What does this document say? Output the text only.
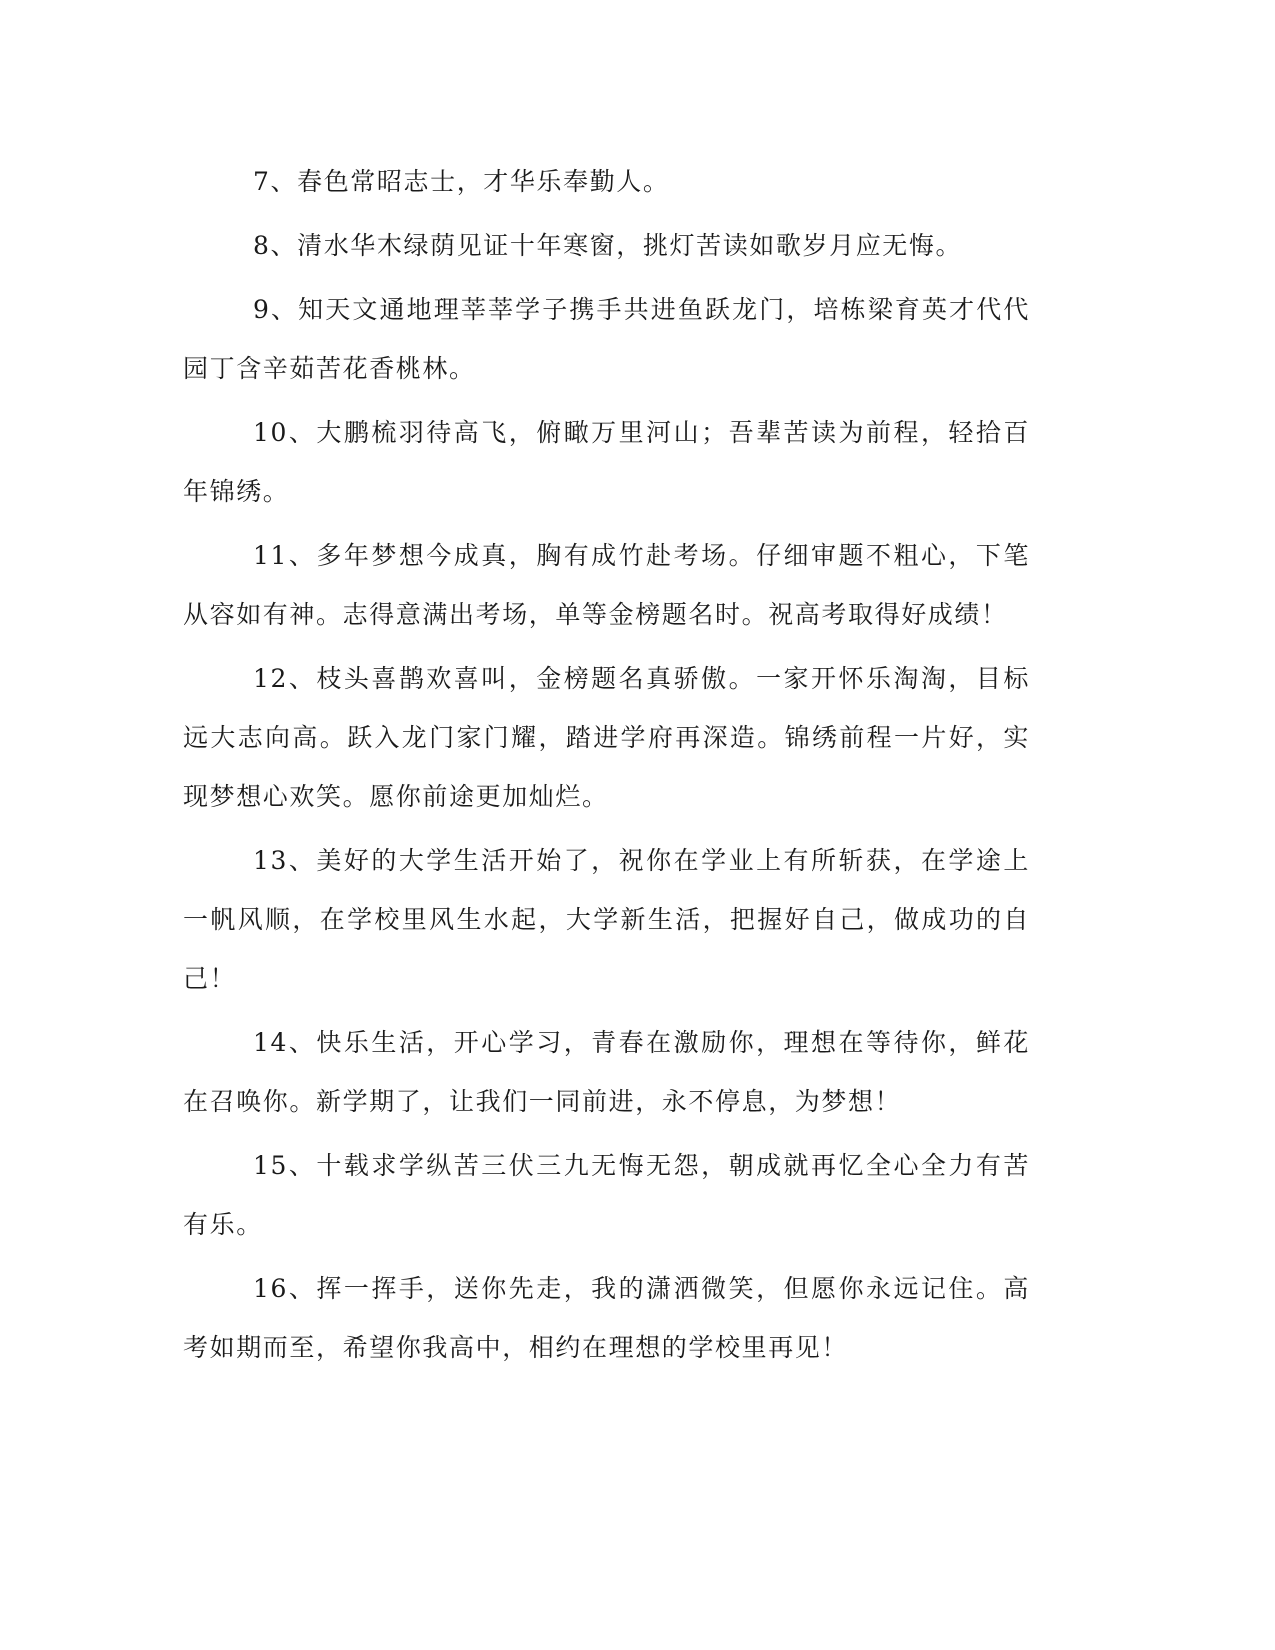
7、春色常昭志士，才华乐奉勤人。

8、清水华木绿荫见证十年寒窗，挑灯苦读如歌岁月应无悔。

9、知天文通地理莘莘学子携手共进鱼跃龙门，培栋梁育英才代代园丁含辛茹苦花香桃林。

10、大鹏梳羽待高飞，俯瞰万里河山；吾辈苦读为前程，轻拾百年锦绣。

11、多年梦想今成真，胸有成竹赴考场。仔细审题不粗心，下笔从容如有神。志得意满出考场，单等金榜题名时。祝高考取得好成绩！

12、枝头喜鹊欢喜叫，金榜题名真骄傲。一家开怀乐淘淘，目标远大志向高。跃入龙门家门耀，踏进学府再深造。锦绣前程一片好，实现梦想心欢笑。愿你前途更加灿烂。

13、美好的大学生活开始了，祝你在学业上有所斩获，在学途上一帆风顺，在学校里风生水起，大学新生活，把握好自己，做成功的自己！

14、快乐生活，开心学习，青春在激励你，理想在等待你，鲜花在召唤你。新学期了，让我们一同前进，永不停息，为梦想！

15、十载求学纵苦三伏三九无悔无怨，朝成就再忆全心全力有苦有乐。

16、挥一挥手，送你先走，我的潇洒微笑，但愿你永远记住。高考如期而至，希望你我高中，相约在理想的学校里再见！
